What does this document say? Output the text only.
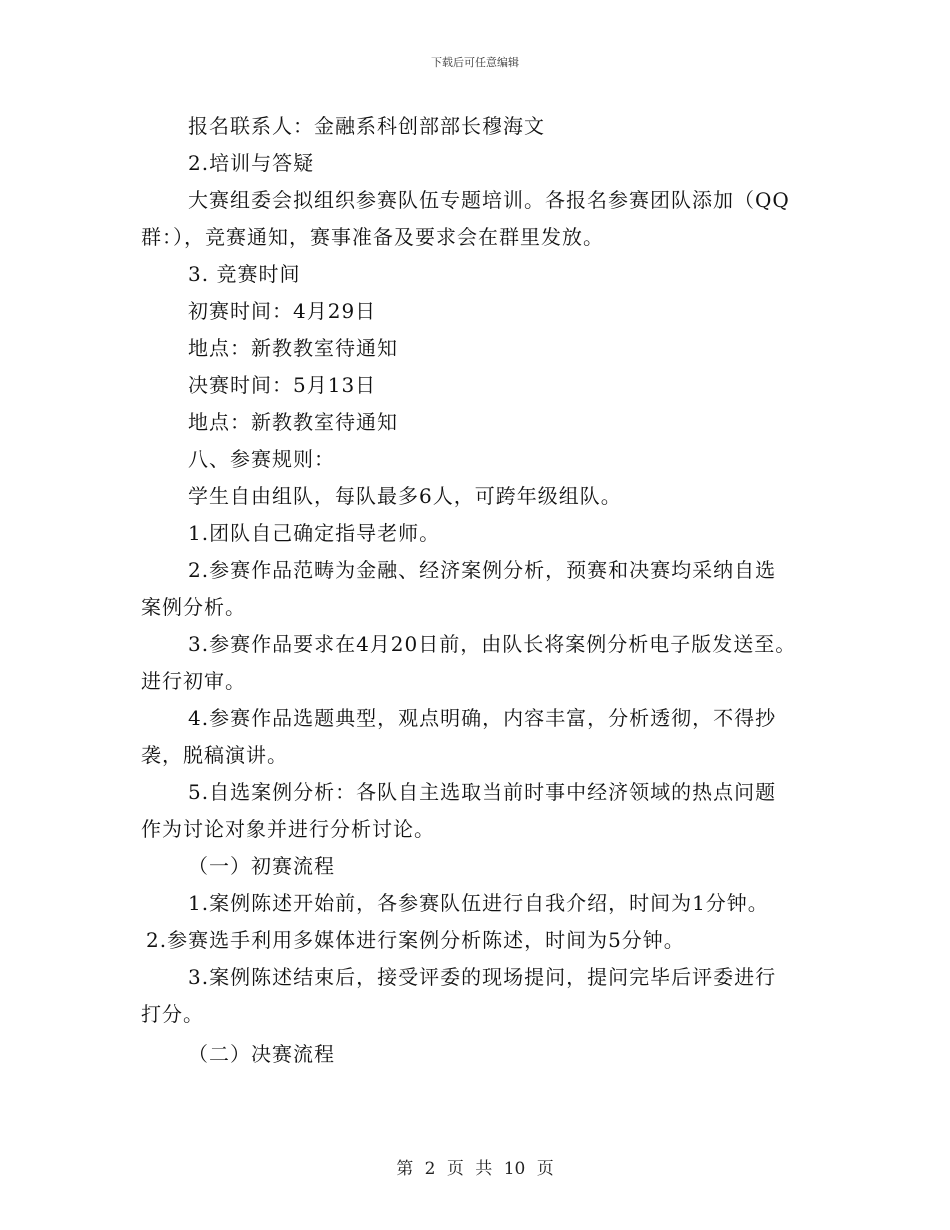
下载后可任意编辑
报名联系人：金融系科创部部长穆海文
2.培训与答疑
大赛组委会拟组织参赛队伍专题培训。各报名参赛团队添加（QQ
群：），竞赛通知，赛事准备及要求会在群里发放。
3. 竞赛时间
初赛时间：4月29日
地点：新教教室待通知
决赛时间：5月13日
地点：新教教室待通知
八、参赛规则：
学生自由组队，每队最多6人，可跨年级组队。
1.团队自己确定指导老师。
2.参赛作品范畴为金融、经济案例分析，预赛和决赛均采纳自选
案例分析。
3.参赛作品要求在4月20日前，由队长将案例分析电子版发送至。
进行初审。
4.参赛作品选题典型，观点明确，内容丰富，分析透彻，不得抄
袭，脱稿演讲。
5.自选案例分析：各队自主选取当前时事中经济领域的热点问题
作为讨论对象并进行分析讨论。
（一）初赛流程
1.案例陈述开始前，各参赛队伍进行自我介绍，时间为1分钟。
2.参赛选手利用多媒体进行案例分析陈述，时间为5分钟。
3.案例陈述结束后，接受评委的现场提问，提问完毕后评委进行
打分。
（二）决赛流程
第 2 页 共 10 页
